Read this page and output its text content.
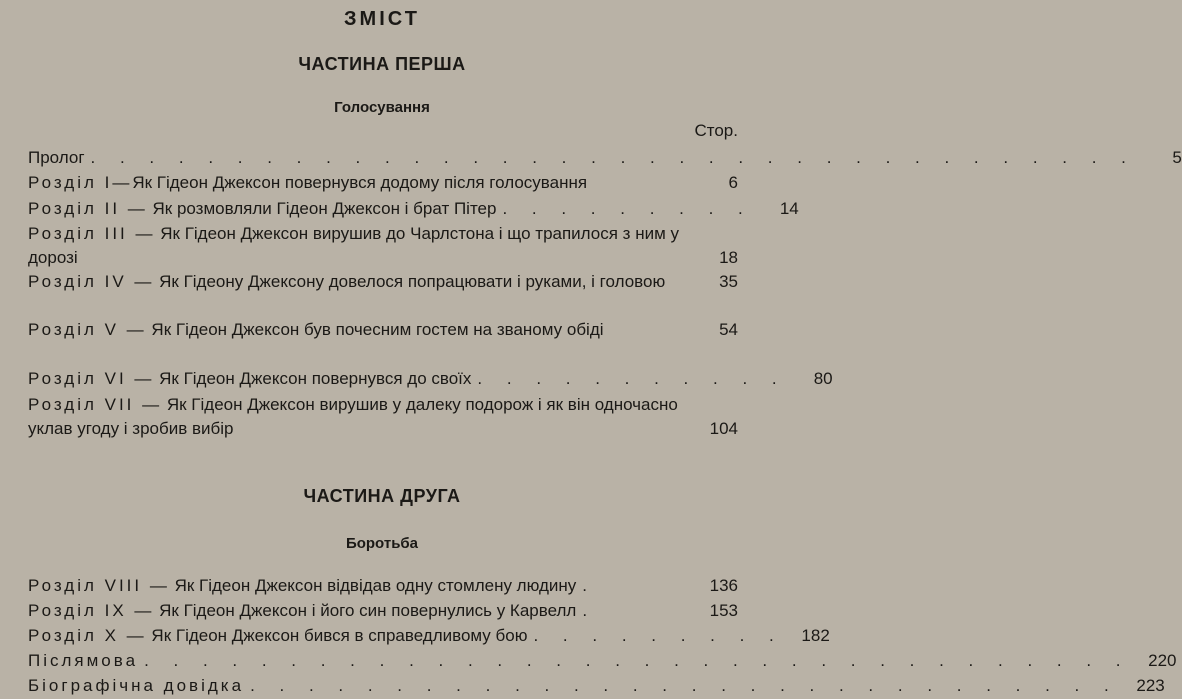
ЗМІСТ
ЧАСТИНА ПЕРША
Голосування
Стор.
Пролог . . . . . . . . . . . . . . . . . . . . . . . . . . . . . . . . . . . .	5
Розділ I—Як Гідеон Джексон повернувся додому після голосування	6
Розділ II — Як розмовляли Гідеон Джексон і брат Пітер . . . . . . . . .	14
Розділ III — Як Гідеон Джексон вирушив до Чарлстона і що трапилося з ним у дорозі	18
Розділ IV — Як Гідеону Джексону довелося попрацювати і руками, і головою	35
Розділ V — Як Гідеон Джексон був почесним гостем на званому обіді	54
Розділ VI — Як Гідеон Джексон повернувся до своїх . . . . . . . . . . .	80
Розділ VII — Як Гідеон Джексон вирушив у далеку подорож і як він одночасно уклав угоду і зробив вибір	104
ЧАСТИНА ДРУГА
Боротьба
Розділ VIII — Як Гідеон Джексон відвідав одну стомлену людину .	136
Розділ IX — Як Гідеон Джексон і його син повернулись у Карвелл .	153
Розділ X — Як Гідеон Джексон бився в справедливому бою . . . . . . . . .	182
Післямова . . . . . . . . . . . . . . . . . . . . . . . . . . . . . . . . . .	220
Біографічна довідка . . . . . . . . . . . . . . . . . . . . . . . . . . . . . .	223
